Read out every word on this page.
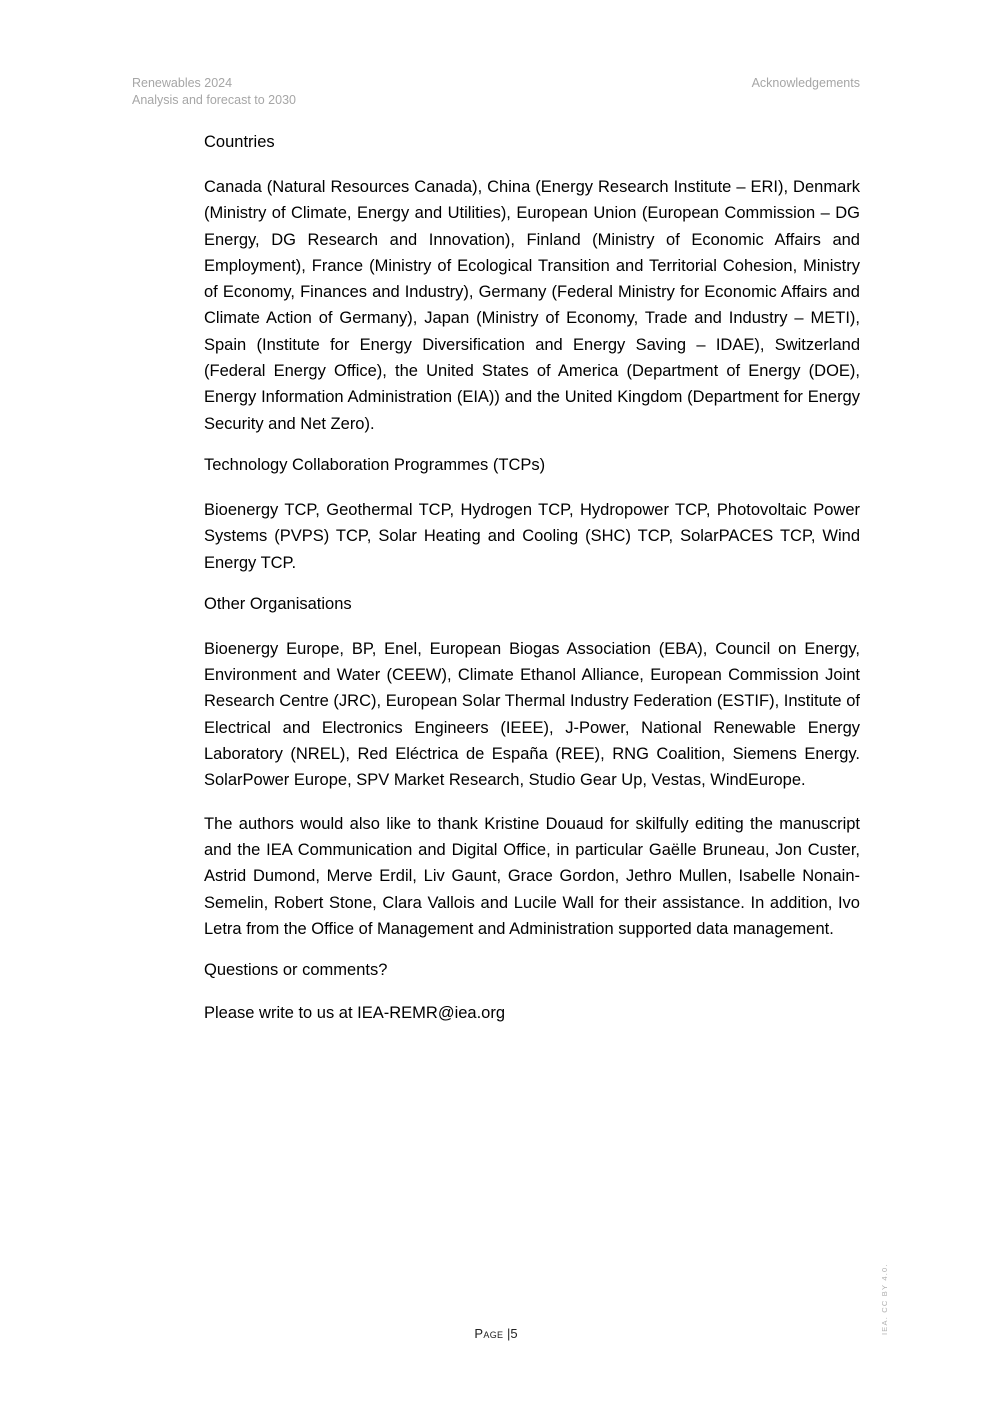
Renewables 2024
Analysis and forecast to 2030
Acknowledgements
Countries

Canada (Natural Resources Canada), China (Energy Research Institute – ERI), Denmark (Ministry of Climate, Energy and Utilities), European Union (European Commission – DG Energy, DG Research and Innovation), Finland (Ministry of Economic Affairs and Employment), France (Ministry of Ecological Transition and Territorial Cohesion, Ministry of Economy, Finances and Industry), Germany (Federal Ministry for Economic Affairs and Climate Action of Germany), Japan (Ministry of Economy, Trade and Industry – METI), Spain (Institute for Energy Diversification and Energy Saving – IDAE), Switzerland (Federal Energy Office), the United States of America (Department of Energy (DOE), Energy Information Administration (EIA)) and the United Kingdom (Department for Energy Security and Net Zero).

Technology Collaboration Programmes (TCPs)

Bioenergy TCP, Geothermal TCP, Hydrogen TCP, Hydropower TCP, Photovoltaic Power Systems (PVPS) TCP, Solar Heating and Cooling (SHC) TCP, SolarPACES TCP, Wind Energy TCP.

Other Organisations

Bioenergy Europe, BP, Enel, European Biogas Association (EBA), Council on Energy, Environment and Water (CEEW), Climate Ethanol Alliance, European Commission Joint Research Centre (JRC), European Solar Thermal Industry Federation (ESTIF), Institute of Electrical and Electronics Engineers (IEEE), J-Power, National Renewable Energy Laboratory (NREL), Red Eléctrica de España (REE), RNG Coalition, Siemens Energy. SolarPower Europe, SPV Market Research, Studio Gear Up, Vestas, WindEurope.

The authors would also like to thank Kristine Douaud for skilfully editing the manuscript and the IEA Communication and Digital Office, in particular Gaëlle Bruneau, Jon Custer, Astrid Dumond, Merve Erdil, Liv Gaunt, Grace Gordon, Jethro Mullen, Isabelle Nonain-Semelin, Robert Stone, Clara Vallois and Lucile Wall for their assistance. In addition, Ivo Letra from the Office of Management and Administration supported data management.

Questions or comments?
Please write to us at IEA-REMR@iea.org
Page |5	IEA. CC BY 4.0.
